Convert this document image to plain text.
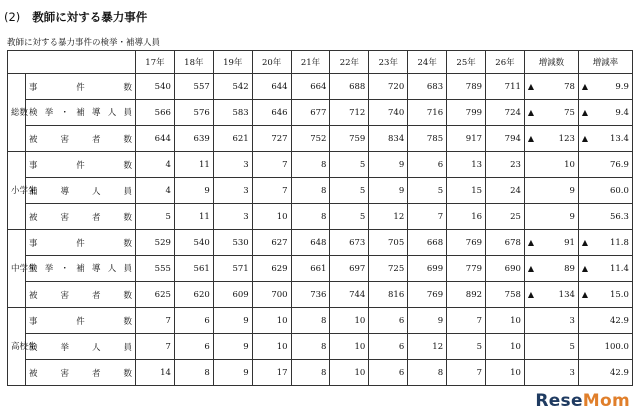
(2) 教師に対する暴力事件
教師に対する暴力事件の検挙・補導人員
		17年	18年	19年	20年	21年	22年	23年	24年	25年	26年	増減数	増減率

総数	事件数	540	557	542	644	664	688	720	683	789	711	▲ 78	▲ 9.9
	検挙・補導人員	566	576	583	646	677	712	740	716	799	724	▲ 75	▲ 9.4
	被害者数	644	639	621	727	752	759	834	785	917	794	▲ 123	▲ 13.4

小学生	事件数	4	11	3	7	8	5	9	6	13	23	10	76.9
	補導人員	4	9	3	7	8	5	9	5	15	24	9	60.0
	被害者数	5	11	3	10	8	5	12	7	16	25	9	56.3

中学生	事件数	529	540	530	627	648	673	705	668	769	678	▲ 91	▲ 11.8
	検挙・補導人員	555	561	571	629	661	697	725	699	779	690	▲ 89	▲ 11.4
	被害者数	625	620	609	700	736	744	816	769	892	758	▲ 134	▲ 15.0

高校生	事件数	7	6	9	10	8	10	6	9	7	10	3	42.9
	検挙人員	7	6	9	10	8	10	6	12	5	10	5	100.0
	被害者数	14	8	9	17	8	10	6	8	7	10	3	42.9
ReseMom
